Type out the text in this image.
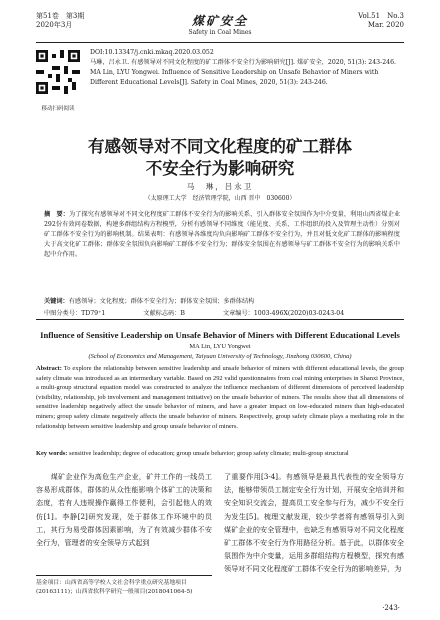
第51卷　第3期
2020年3月	煤矿安全
Safety in Coal Mines
Vol.51　No.3
Mar. 2020
移动扫码阅读
DOI:10.13347/j.cnki.mkaq.2020.03.052
马琳，吕永卫. 有感领导对不同文化程度的矿工群体不安全行为影响研究[J]. 煤矿安全，2020, 51(3): 243-246.
MA Lin, LYU Yongwei. Influence of Sensitive Leadership on Unsafe Behavior of Miners with Different Educational Levels[J]. Safety in Coal Mines, 2020, 51(3): 243-246.
有感领导对不同文化程度的矿工群体
不安全行为影响研究
马　琳，吕永卫
（太原理工大学　经济管理学院，山西 晋中　030600）
摘　要：为了探究有感领导对不同文化程度矿工群体不安全行为的影响关系，引入群体安全氛围作为中介变量，利用山西省煤企业292份有效问卷数据，构建多群组结构方程模型，分析有感领导不同维度（能见度、关系、工作组织的投入及管理主动性）分别对矿工群体不安全行为的影响机制。结果表明：有感领导各维度均负向影响矿工群体不安全行为，并且对低文化矿工群体的影响程度大于高文化矿工群体；群体安全氛围负向影响矿工群体不安全行为；群体安全氛围在有感领导与矿工群体不安全行为的影响关系中起中介作用。
关键词：有感领导；文化程度；群体不安全行为；群体安全氛围；多群体结构
中图分类号：TD79⁺1	文献标志码：B	文章编号：1003-496X(2020)03-0243-04
Influence of Sensitive Leadership on Unsafe Behavior of Miners with Different Educational Levels
MA Lin, LYU Yongwei
(School of Economics and Management, Taiyuan University of Technology, Jinzhong 030600, China)
Abstract: To explore the relationship between sensitive leadership and unsafe behavior of miners with different educational levels, the group safety climate was introduced as an intermediary variable. Based on 292 valid questionnaires from coal mining enterprises in Shanxi Province, a multi-group structural equation model was constructed to analyze the influence mechanism of different dimensions of perceived leadership (visibility, relationship, job involvement and management initiative) on the unsafe behavior of miners. The results show that all dimensions of sensitive leadership negatively affect the unsafe behavior of miners, and have a greater impact on low-educated miners than high-educated miners; group safety climate negatively affects the unsafe behavior of miners. Respectively, group safety climate plays a mediating role in the relationship between sensitive leadership and group unsafe behavior of miners.
Key words: sensitive leadership; degree of education; group unsafe behavior; group safety climate; multi-group structural
　　煤矿企业作为高危生产企业，矿井工作的一线员工容易形成群体，群体的从众性能影响个体矿工的决策和态度，若有人违规操作赢得工作便利，会引起他人的效仿[1]。李静[2]研究发现，处于群体工作环境中的员工，其行为易受群体因素影响，为了有效减少群体不安全行为，管理者的安全领导方式起到
了重要作用[3-4]。有感领导是最具代表性的安全领导方法，能够带领员工制定安全行为计划，开展安全培训并和安全知识交流会，提高员工安全参与行为，减少不安全行为发生[5]。梳理文献发现，较少学者将有感领导引入到煤矿企业的安全管理中，也缺乏有感领导对不同文化程度矿工群体不安全行为作用路径分析。基于此，以群体安全氛围作为中介变量，运用多群组结构方程模型，探究有感领导对不同文化程度矿工群体不安全行为的影响差异，为
基金项目：山西省高等学校人文社会科学重点研究基地项目(20163111)；山西省软科学研究一般项目(2018041064-5)
·243·
